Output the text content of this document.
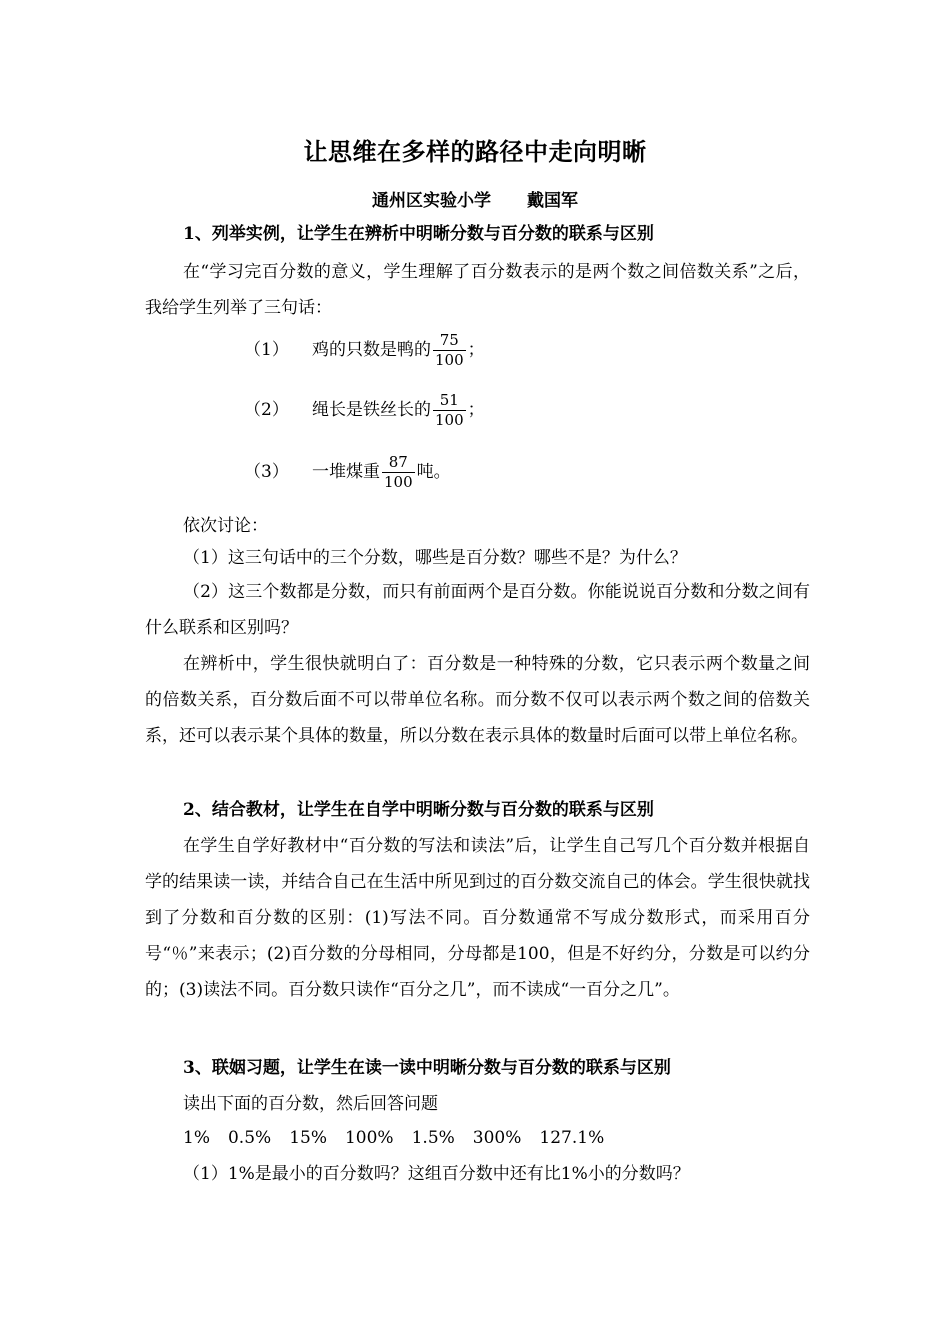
让思维在多样的路径中走向明晰
通州区实验小学 戴国军
1、列举实例，让学生在辨析中明晰分数与百分数的联系与区别
在“学习完百分数的意义，学生理解了百分数表示的是两个数之间倍数关系”之后，我给学生列举了三句话：
（1） 鸡的只数是鸭的 $\frac{75}{100}$ ；
（2） 绳长是铁丝长的 $\frac{51}{100}$ ；
（3） 一堆煤重 $\frac{87}{100}$ 吨。
依次讨论：
（1）这三句话中的三个分数，哪些是百分数？哪些不是？为什么？
（2）这三个数都是分数，而只有前面两个是百分数。你能说说百分数和分数之间有什么联系和区别吗？
在辨析中，学生很快就明白了：百分数是一种特殊的分数，它只表示两个数量之间的倍数关系，百分数后面不可以带单位名称。而分数不仅可以表示两个数之间的倍数关系，还可以表示某个具体的数量，所以分数在表示具体的数量时后面可以带上单位名称。
2、结合教材，让学生在自学中明晰分数与百分数的联系与区别
在学生自学好教材中“百分数的写法和读法”后，让学生自己写几个百分数并根据自学的结果读一读，并结合自己在生活中所见到过的百分数交流自己的体会。学生很快就找到了分数和百分数的区别：(1)写法不同。百分数通常不写成分数形式，而采用百分号“％”来表示；(2)百分数的分母相同，分母都是100，但是不好约分，分数是可以约分的；(3)读法不同。百分数只读作“百分之几”，而不读成“一百分之几”。
3、联姻习题，让学生在读一读中明晰分数与百分数的联系与区别
读出下面的百分数，然后回答问题
1% 0.5% 15% 100% 1.5% 300% 127.1%
（1）1%是最小的百分数吗？这组百分数中还有比1%小的分数吗？
